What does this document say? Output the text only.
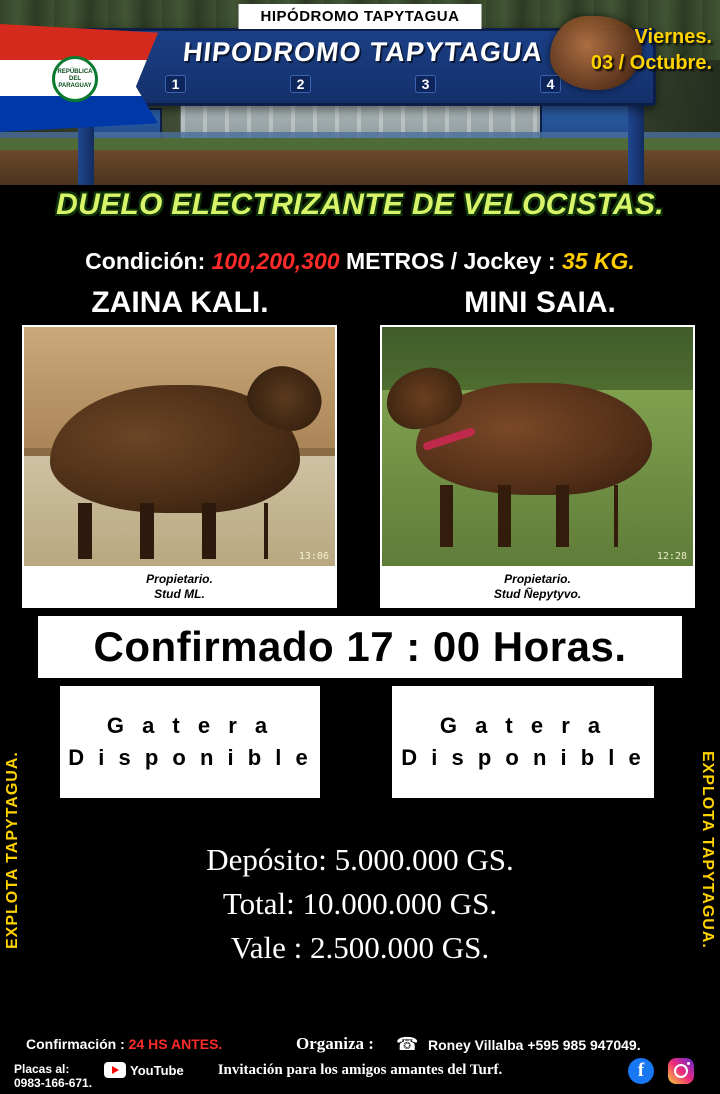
HIPODROMO TAPYTAGUA
1	2	3	4
REPÚBLICA DEL PARAGUAY
HIPÓDROMO TAPYTAGUA
Viernes.
03 / Octubre.
DUELO ELECTRIZANTE DE VELOCISTAS.
Condición: 100,200,300 METROS / Jockey : 35 KG.
ZAINA KALI.	MINI SAIA.
13:06	12:28
Propietario.
Stud ML.
Propietario.
Stud Ñepytyvo.
Confirmado 17 : 00 Horas.
G a t e r a
D i s p o n i b l e
G a t e r a
D i s p o n i b l e
EXPLOTA TAPYTAGUA.	EXPLOTA TAPYTAGUA.
Depósito: 5.000.000 GS.
Total: 10.000.000 GS.
Vale : 2.500.000 GS.
Confirmación : 24 HS ANTES.	Organiza : ☎ Roney Villalba +595 985 947049.
Placas al:
0983-166-671.
YouTube Invitación para los amigos amantes del Turf.	f
